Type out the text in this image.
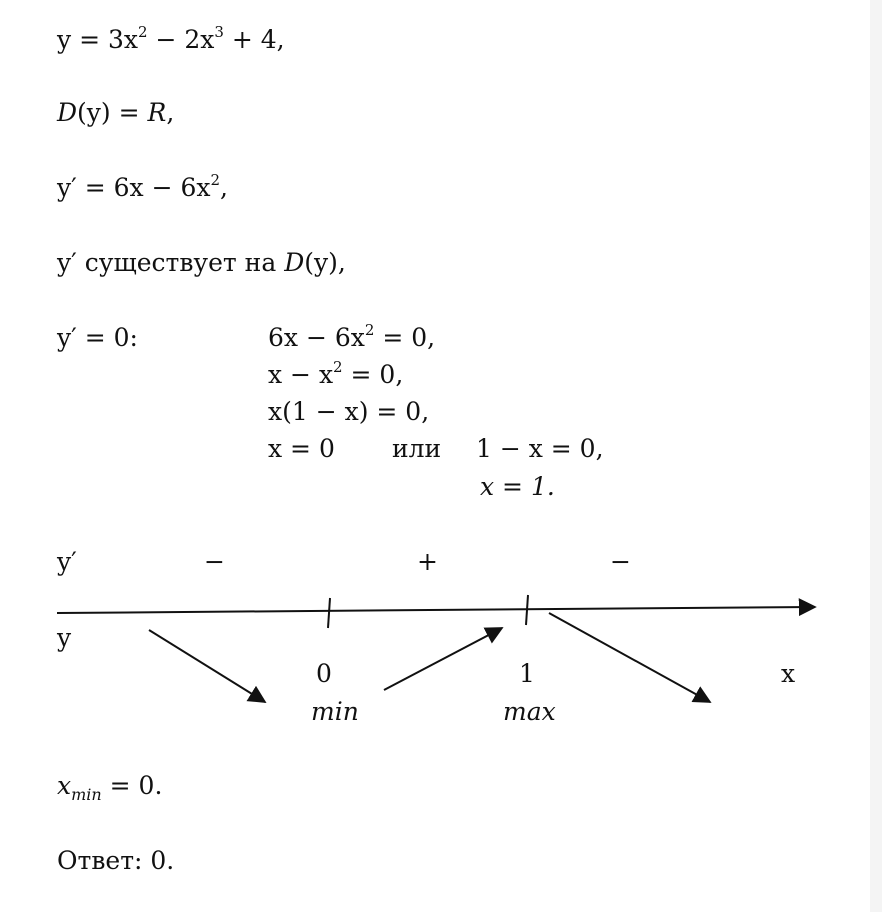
$y = 3x^2 - 2x^3 + 4$,
D(y) = R,
$y' = 6x - 6x^2$,
y′ существует на D(y),
y′ = 0:	$6x - 6x^2 = 0$,
$x - x^2 = 0$,
x(1 − x) = 0,
x = 0 или 1 − x = 0,
x = 1.
y′	−	+	−
y
0	1	x
min	max
$x_{min} = 0$.
Ответ: 0.
